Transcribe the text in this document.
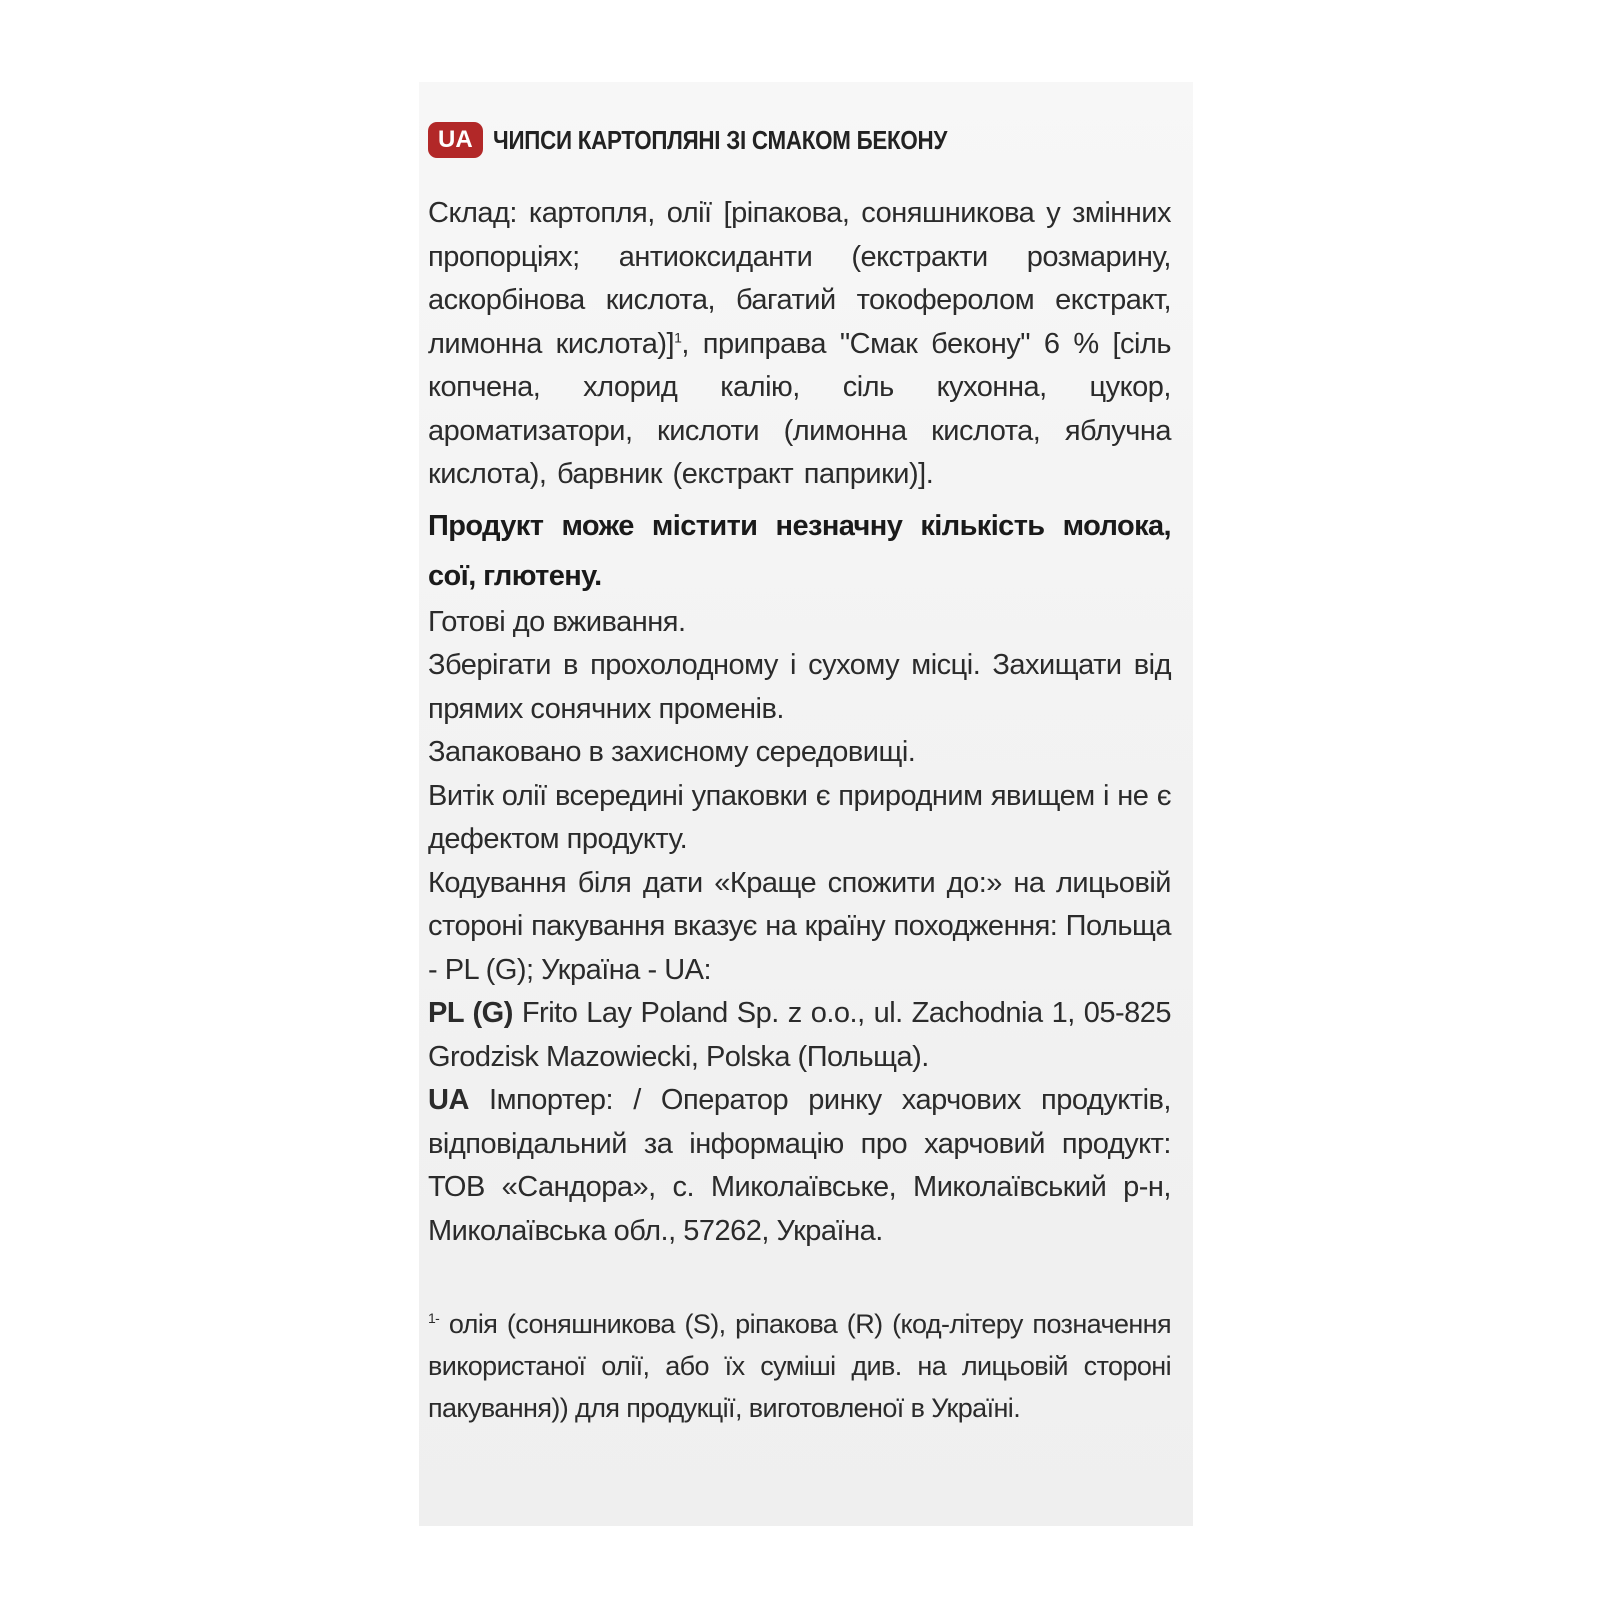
UA ЧИПСИ КАРТОПЛЯНІ ЗІ СМАКОМ БЕКОНУ

Склад: картопля, олії [ріпакова, соняшникова у змінних пропорціях; антиоксиданти (екстракти розмарину, аскорбінова кислота, багатий токоферолом екстракт, лимонна кислота)]$^1$, приправа "Смак бекону" 6 % [сіль копчена, хлорид калію, сіль кухонна, цукор, ароматизатори, кислоти (лимонна кислота, яблучна кислота), барвник (екстракт паприки)].

Продукт може містити незначну кількість молока, сої, глютену.

Готові до вживання.

Зберігати в прохолодному і сухому місці. Захищати від прямих сонячних променів.

Запаковано в захисному середовищі.

Витік олії всередині упаковки є природним явищем і не є дефектом продукту.

Кодування біля дати «Краще спожити до:» на лицьовій стороні пакування вказує на країну походження: Польща - PL (G); Україна - UA:

PL (G) Frito Lay Poland Sp. z o.o., ul. Zachodnia 1, 05-825 Grodzisk Mazowiecki, Polska (Польща).

UA Імпортер: / Оператор ринку харчових продуктів, відповідальний за інформацію про харчовий продукт: ТОВ «Сандора», с. Миколаївське, Миколаївський р-н, Миколаївська обл., 57262, Україна.

$^{1-}$ олія (соняшникова (S), ріпакова (R) (код-літеру позначення використаної олії, або їх суміші див. на лицьовій стороні пакування)) для продукції, виготовленої в Україні.
